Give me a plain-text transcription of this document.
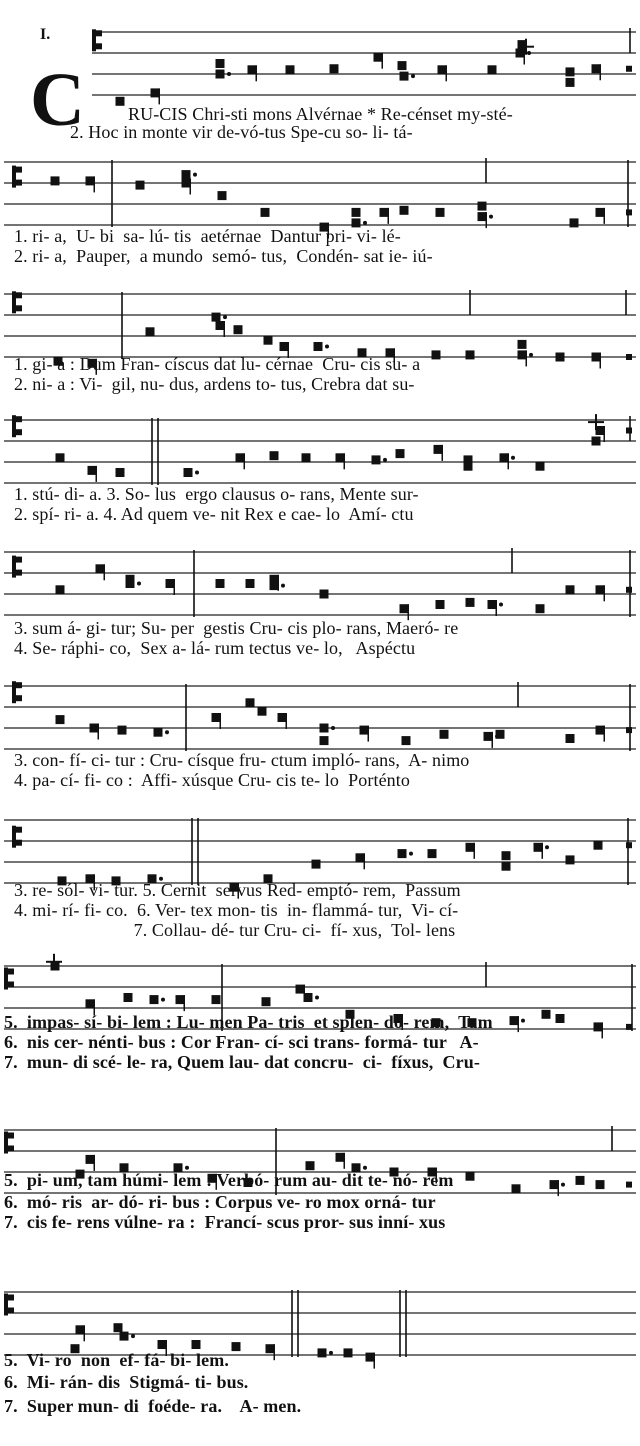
I.
C RU-CIS Chri-sti mons Alvérnae * Re-cénset my-sté-
2. Hoc in monte vir de-vó-tus Spe-cu so- li- tá-
1. ri- a,  U- bi  sa- lú- tis  aetérnae  Dantur pri- vi- lé-
2. ri- a,  Pauper,  a mundo  semó- tus,  Condén- sat ie- iú-
1. gi- a : Dum Fran- císcus dat lu- cérnae  Cru- cis su- a
2. ni- a : Vi-  gil, nu- dus, ardens to- tus, Crebra dat su-
1. stú- di- a. 3. So- lus  ergo clausus o- rans, Mente sur-
2. spí- ri- a. 4. Ad quem ve- nit Rex e cae- lo  Amí- ctu
3. sum á- gi- tur; Su- per  gestis Cru- cis plo- rans, Maeró- re
4. Se- ráphi- co,  Sex a- lá- rum tectus ve- lo,   Aspéctu
3. con- fí- ci- tur : Cru- císque fru- ctum impló- rans,  A- nimo
4. pa- cí- fi- co :  Affi- xúsque Cru- cis te- lo  Porténto
3. re- sól- vi- tur. 5. Cernit  servus Red- emptó- rem,  Passum
4. mi- rí- fi- co.  6. Ver- tex mon- tis  in- flammá- tur,  Vi- cí-
7. Collau- dé- tur Cru- ci-  fí- xus,  Tol- lens
5.  impas- sí- bi- lem : Lu- men Pa- tris  et splen- dó- rem,  Tam
6.  nis cer- nénti- bus : Cor Fran- cí- sci trans- formá- tur   A-
7.  mun- di scé- le- ra, Quem lau- dat concru-  ci-  fíxus,  Cru-
5.  pi- um, tam húmi- lem : Verbó- rum au- dit te- nó- rem
6.  mó- ris  ar- dó- ri- bus : Corpus ve- ro mox orná- tur
7.  cis fe- rens vúlne- ra :  Francí- scus pror- sus inní- xus
5.  Vi- ro  non  ef- fá- bi- lem.
6.  Mi- rán- dis  Stigmá- ti- bus.
7.  Super mun- di  foéde- ra.    A- men.
